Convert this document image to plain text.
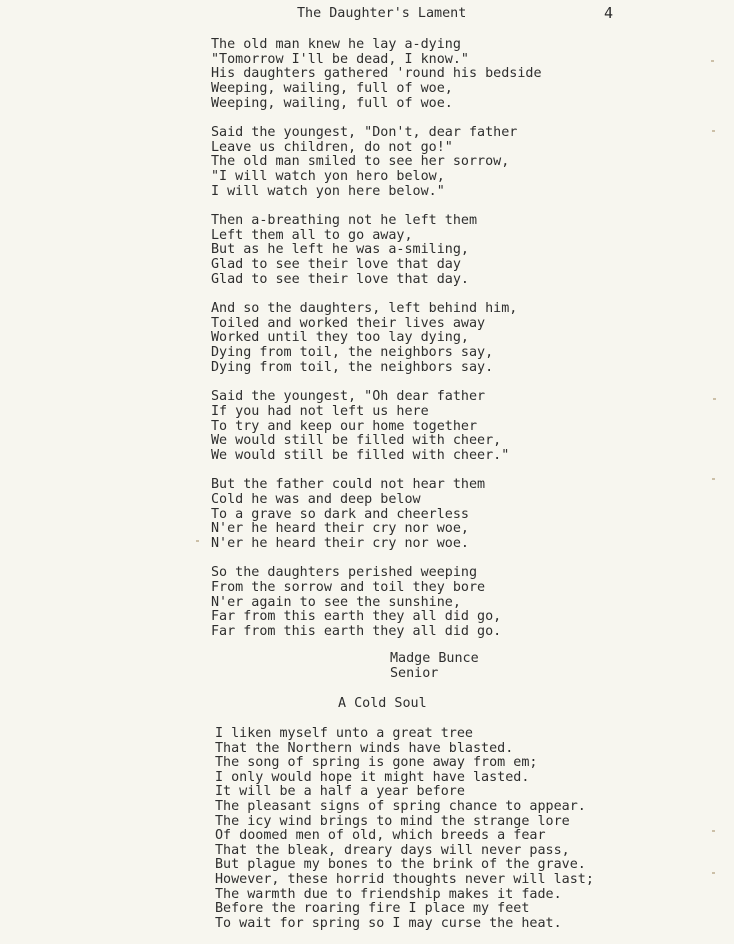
The Daughter's Lament	4
The old man knew he lay a-dying
"Tomorrow I'll be dead, I know."
His daughters gathered 'round his bedside
Weeping, wailing, full of woe,
Weeping, wailing, full of woe.
Said the youngest, "Don't, dear father
Leave us children, do not go!"
The old man smiled to see her sorrow,
"I will watch yon hero below,
I will watch yon here below."
Then a-breathing not he left them
Left them all to go away,
But as he left he was a-smiling,
Glad to see their love that day
Glad to see their love that day.
And so the daughters, left behind him,
Toiled and worked their lives away
Worked until they too lay dying,
Dying from toil, the neighbors say,
Dying from toil, the neighbors say.
Said the youngest, "Oh dear father
If you had not left us here
To try and keep our home together
We would still be filled with cheer,
We would still be filled with cheer."
But the father could not hear them
Cold he was and deep below
To a grave so dark and cheerless
N'er he heard their cry nor woe,
N'er he heard their cry nor woe.
So the daughters perished weeping
From the sorrow and toil they bore
N'er again to see the sunshine,
Far from this earth they all did go,
Far from this earth they all did go.
Madge Bunce
Senior
A Cold Soul
I liken myself unto a great tree
That the Northern winds have blasted.
The song of spring is gone away from em;
I only would hope it might have lasted.
It will be a half a year before
The pleasant signs of spring chance to appear.
The icy wind brings to mind the strange lore
Of doomed men of old, which breeds a fear
That the bleak, dreary days will never pass,
But plague my bones to the brink of the grave.
However, these horrid thoughts never will last;
The warmth due to friendship makes it fade.
Before the roaring fire I place my feet
To wait for spring so I may curse the heat.
